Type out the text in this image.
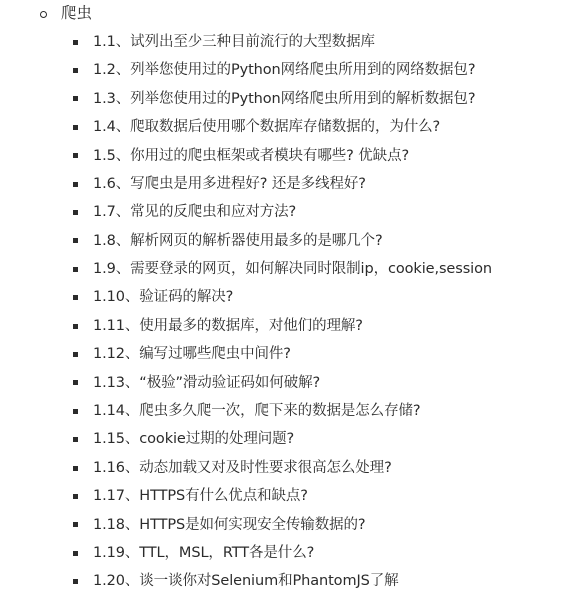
爬虫
1.1、试列出至少三种目前流行的大型数据库
1.2、列举您使用过的Python网络爬虫所用到的网络数据包?
1.3、列举您使用过的Python网络爬虫所用到的解析数据包?
1.4、爬取数据后使用哪个数据库存储数据的，为什么?
1.5、你用过的爬虫框架或者模块有哪些? 优缺点?
1.6、写爬虫是用多进程好? 还是多线程好?
1.7、常见的反爬虫和应对方法?
1.8、解析网页的解析器使用最多的是哪几个?
1.9、需要登录的网页，如何解决同时限制ip，cookie,session
1.10、验证码的解决?
1.11、使用最多的数据库，对他们的理解?
1.12、编写过哪些爬虫中间件?
1.13、“极验”滑动验证码如何破解?
1.14、爬虫多久爬一次，爬下来的数据是怎么存储?
1.15、cookie过期的处理问题?
1.16、动态加载又对及时性要求很高怎么处理?
1.17、HTTPS有什么优点和缺点?
1.18、HTTPS是如何实现安全传输数据的?
1.19、TTL，MSL，RTT各是什么?
1.20、谈一谈你对Selenium和PhantomJS了解
